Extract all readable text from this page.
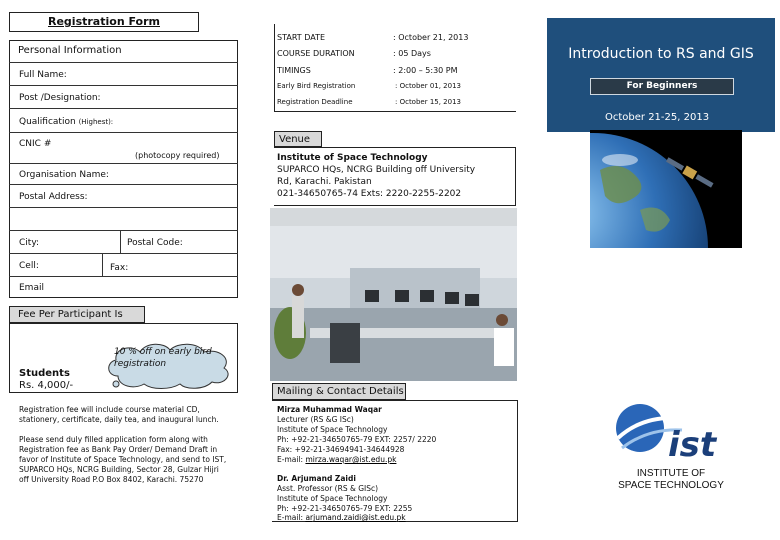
Registration Form
Personal Information
Full Name:
Post /Designation:
Qualification (Highest):
CNIC #
(photocopy required)
Organisation Name:
Postal Address:
City:	Postal Code:
Cell:	Fax:
Email
Fee Per Participant Is
Students
Rs. 4,000/-
10 % off on early bird registration
Registration fee will include course material CD, stationery, certificate, daily tea, and inaugural lunch.
Please send duly filled application form along with Registration fee as Bank Pay Order/ Demand Draft in favor of Institute of Space Technology, and send to IST, SUPARCO HQs, NCRG Building, Sector 28, Gulzar Hijri off University Road P.O Box 8402, Karachi. 75270
START DATE	: October 21, 2013
COURSE DURATION	: 05 Days
TIMINGS	: 2:00 – 5:30 PM
Early Bird Registration	: October 01, 2013
Registration Deadline	: October 15, 2013
Venue
Institute of Space Technology
SUPARCO HQs, NCRG Building off University
Rd, Karachi. Pakistan
021-34650765-74 Exts: 2220-2255-2202
Mailing & Contact Details
Mirza Muhammad Waqar
Lecturer (RS &G ISc)
Institute of Space Technology
Ph: +92-21-34650765-79 EXT: 2257/ 2220
Fax: +92-21-34694941-34644928
E-mail: mirza.waqar@ist.edu.pk
Dr. Arjumand Zaidi
Asst. Professor (RS & GISc)
Institute of Space Technology
Ph: +92-21-34650765-79 EXT: 2255
E-mail: arjumand.zaidi@ist.edu.pk
Introduction to RS and GIS
For Beginners
October 21-25, 2013
ist
INSTITUTE OF
SPACE TECHNOLOGY
